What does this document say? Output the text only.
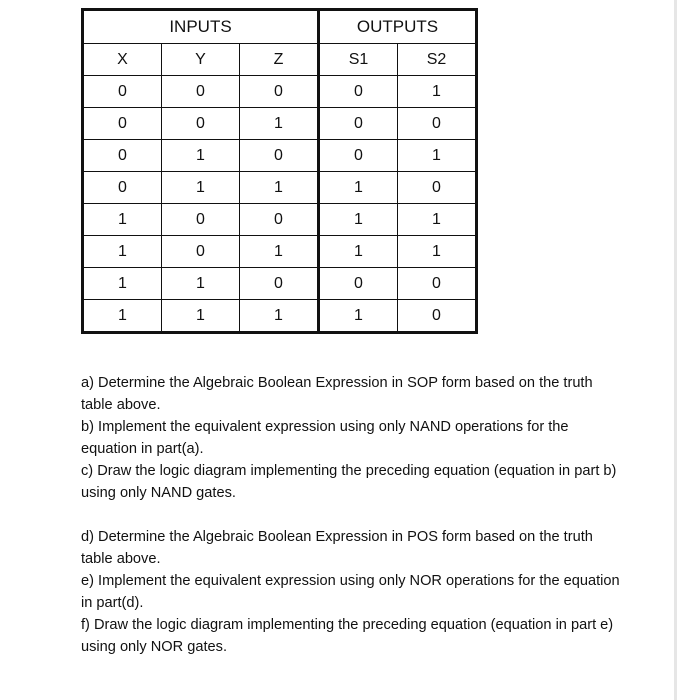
INPUTS			OUTPUTS	
X	Y	Z	S1	S2
0	0	0	0	1
0	0	1	0	0
0	1	0	0	1
0	1	1	1	0
1	0	0	1	1
1	0	1	1	1
1	1	0	0	0
1	1	1	1	0

a) Determine the Algebraic Boolean Expression in SOP form based on the truth table above.

b) Implement the equivalent expression using only NAND operations for the equation in part(a).

c) Draw the logic diagram implementing the preceding equation (equation in part b) using only NAND gates.

d) Determine the Algebraic Boolean Expression in POS form based on the truth table above.

e) Implement the equivalent expression using only NOR operations for the equation in part(d).

f) Draw the logic diagram implementing the preceding equation (equation in part e) using only NOR gates.
